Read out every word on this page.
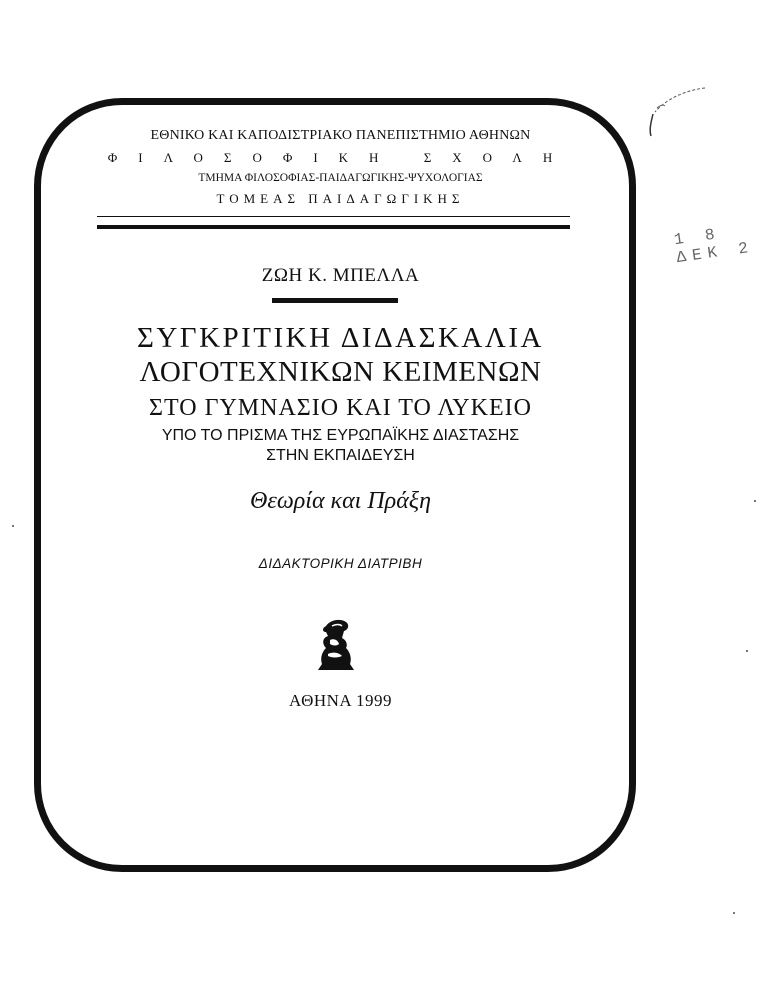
ΕΘΝΙΚΟ ΚΑΙ ΚΑΠΟΔΙΣΤΡΙΑΚΟ ΠΑΝΕΠΙΣΤΗΜΙΟ ΑΘΗΝΩΝ
ΦΙΛΟΣΟΦΙΚΗ ΣΧΟΛΗ
ΤΜΗΜΑ ΦΙΛΟΣΟΦΙΑΣ-ΠΑΙΔΑΓΩΓΙΚΗΣ-ΨΥΧΟΛΟΓΙΑΣ
ΤΟΜΕΑΣ ΠΑΙΔΑΓΩΓΙΚΗΣ
ΖΩΗ Κ. ΜΠΕΛΛΑ
ΣΥΓΚΡΙΤΙΚΗ ΔΙΔΑΣΚΑΛΙΑ
ΛΟΓΟΤΕΧΝΙΚΩΝ ΚΕΙΜΕΝΩΝ
ΣΤΟ ΓΥΜΝΑΣΙΟ ΚΑΙ ΤΟ ΛΥΚΕΙΟ
ΥΠΟ ΤΟ ΠΡΙΣΜΑ ΤΗΣ ΕΥΡΩΠΑΪΚΗΣ ΔΙΑΣΤΑΣΗΣ
ΣΤΗΝ ΕΚΠΑΙΔΕΥΣΗ
Θεωρία και Πράξη
ΔΙΔΑΚΤΟΡΙΚΗ ΔΙΑΤΡΙΒΗ
ΑΘΗΝΑ 1999
1 8 ΔΕΚ 2
